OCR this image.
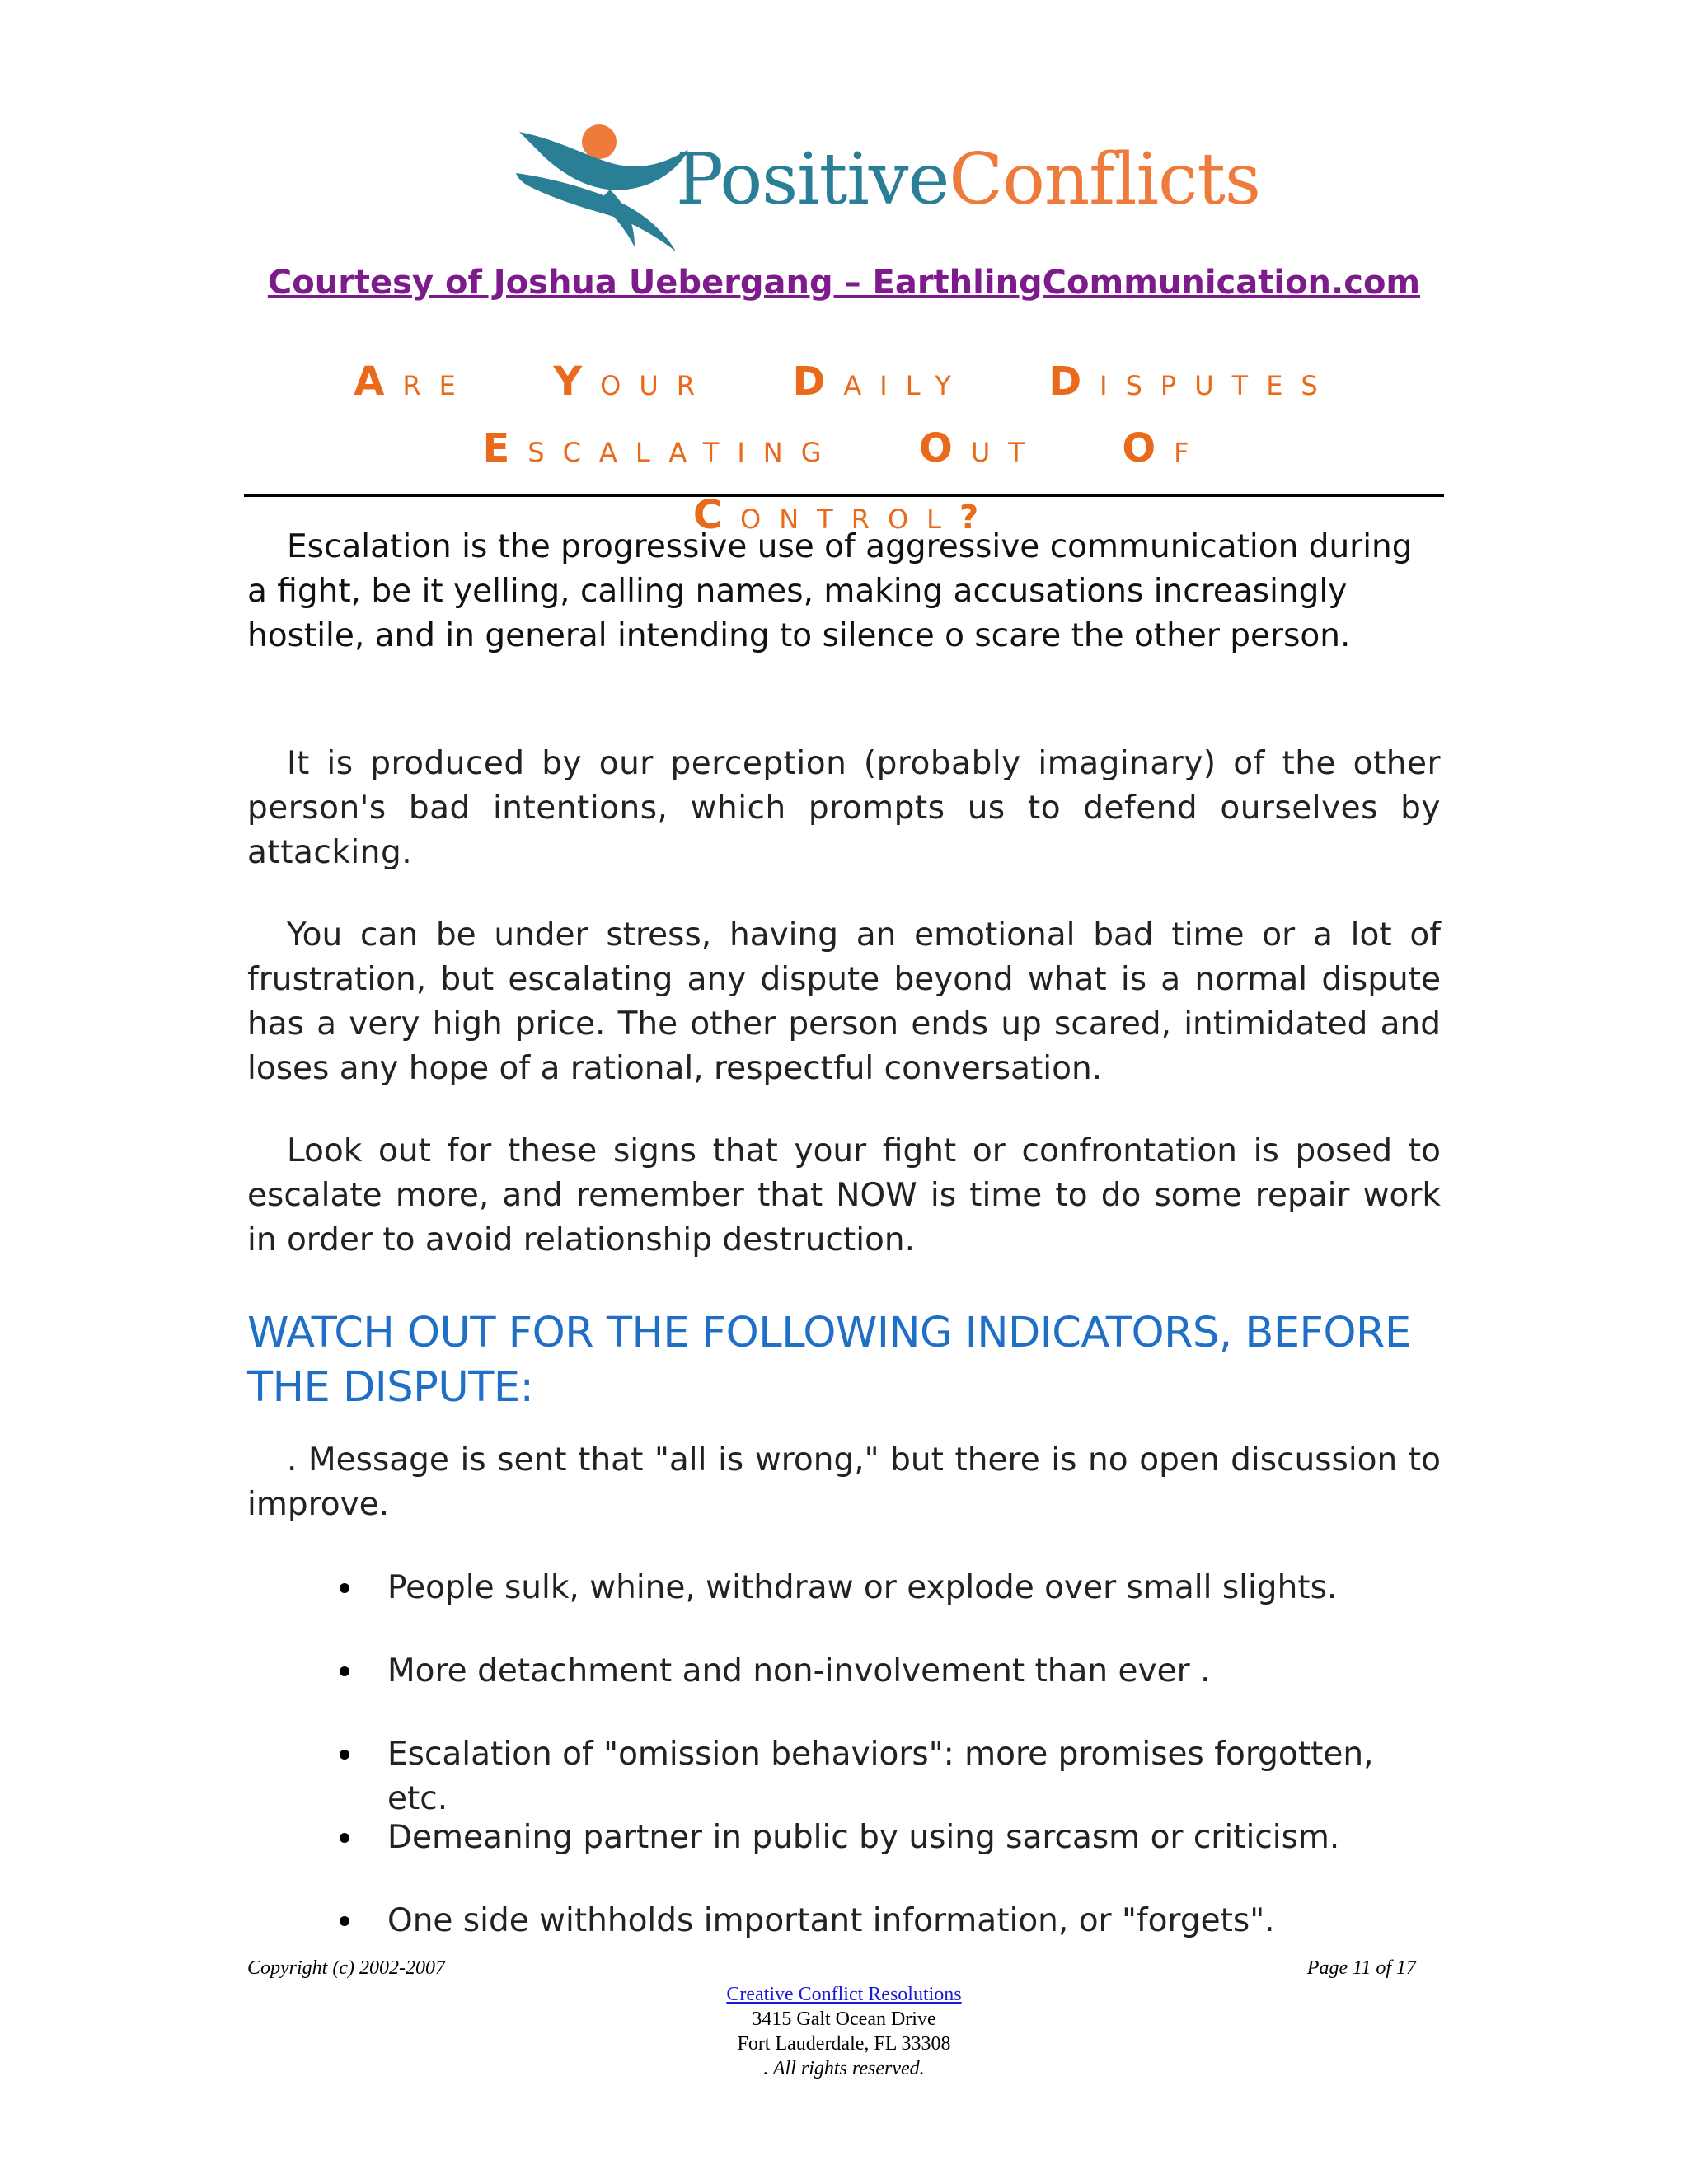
PositiveConflicts
Courtesy of Joshua Uebergang – EarthlingCommunication.com
ARE YOUR DAILY DISPUTES
ESCALATING OUT OF
CONTROL?

Escalation is the progressive use of aggressive communication during a fight, be it yelling, calling names, making accusations increasingly hostile, and in general intending to silence o scare the other person.

It is produced by our perception (probably imaginary) of the other person's bad intentions, which prompts us to defend ourselves by attacking.

You can be under stress, having an emotional bad time or a lot of frustration, but escalating any dispute beyond what is a normal dispute has a very high price. The other person ends up scared, intimidated and loses any hope of a rational, respectful conversation.

Look out for these signs that your fight or confrontation is posed to escalate more, and remember that NOW is time to do some repair work in order to avoid relationship destruction.

WATCH OUT FOR THE FOLLOWING INDICATORS, BEFORE THE DISPUTE:

. Message is sent that "all is wrong," but there is no open discussion to improve.

People sulk, whine, withdraw or explode over small slights.
More detachment and non-involvement than ever .
Escalation of "omission behaviors": more promises forgotten, etc.
Demeaning partner in public by using sarcasm or criticism.
One side withholds important information, or "forgets".
Copyright (c) 2002-2007	Page 11 of 17
Creative Conflict Resolutions
3415 Galt Ocean Drive
Fort Lauderdale, FL 33308
. All rights reserved.
